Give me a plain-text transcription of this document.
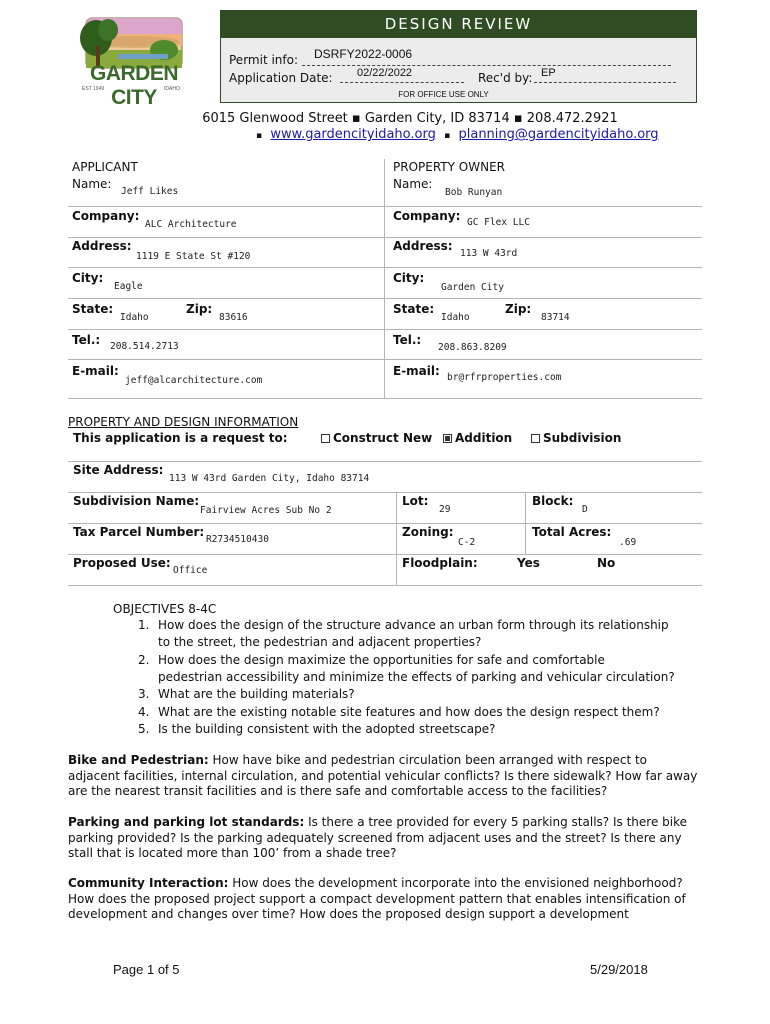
GARDEN CITY
EST 1949	IDAHO
DESIGN REVIEW
Permit info: DSRFY2022-0006
Application Date: 02/22/2022	Rec'd by: EP
FOR OFFICE USE ONLY
6015 Glenwood Street ▪ Garden City, ID 83714 ▪ 208.472.2921
▪ www.gardencityidaho.org ▪ planning@gardencityidaho.org
APPLICANT	PROPERTY OWNER
Name:
Jeff Likes
Company:
ALC Architecture
Address:
1119 E State St #120
City:
Eagle
State:
Idaho
Zip:
83616
Tel.: 208.514.2713
E-mail:
jeff@alcarchitecture.com
Name:
Bob Runyan
Company: GC Flex LLC
Address:
113 W 43rd
City:
Garden City
State:
Idaho
Zip:
83714
Tel.:
208.863.8209
E-mail: br@rfrproperties.com
PROPERTY AND DESIGN INFORMATION
This application is a request to:	Construct New	Addition	Subdivision
Site Address:
113 W 43rd Garden City, Idaho 83714
Subdivision Name:
Fairview Acres Sub No 2
Lot:
29
Block:
D
Tax Parcel Number:
R2734510430
Zoning:
C-2
Total Acres:
.69
Proposed Use:
Office
Floodplain:	Yes	No
OBJECTIVES 8-4C
1. How does the design of the structure advance an urban form through its relationship
to the street, the pedestrian and adjacent properties?
2. How does the design maximize the opportunities for safe and comfortable
pedestrian accessibility and minimize the effects of parking and vehicular circulation?
3. What are the building materials?
4. What are the existing notable site features and how does the design respect them?
5. Is the building consistent with the adopted streetscape?
Bike and Pedestrian: How have bike and pedestrian circulation been arranged with respect to adjacent facilities, internal circulation, and potential vehicular conflicts? Is there sidewalk? How far away are the nearest transit facilities and is there safe and comfortable access to the facilities?
Parking and parking lot standards: Is there a tree provided for every 5 parking stalls? Is there bike parking provided? Is the parking adequately screened from adjacent uses and the street? Is there any stall that is located more than 100’ from a shade tree?
Community Interaction: How does the development incorporate into the envisioned neighborhood? How does the proposed project support a compact development pattern that enables intensification of development and changes over time? How does the proposed design support a development
Page 1 of 5	5/29/2018
